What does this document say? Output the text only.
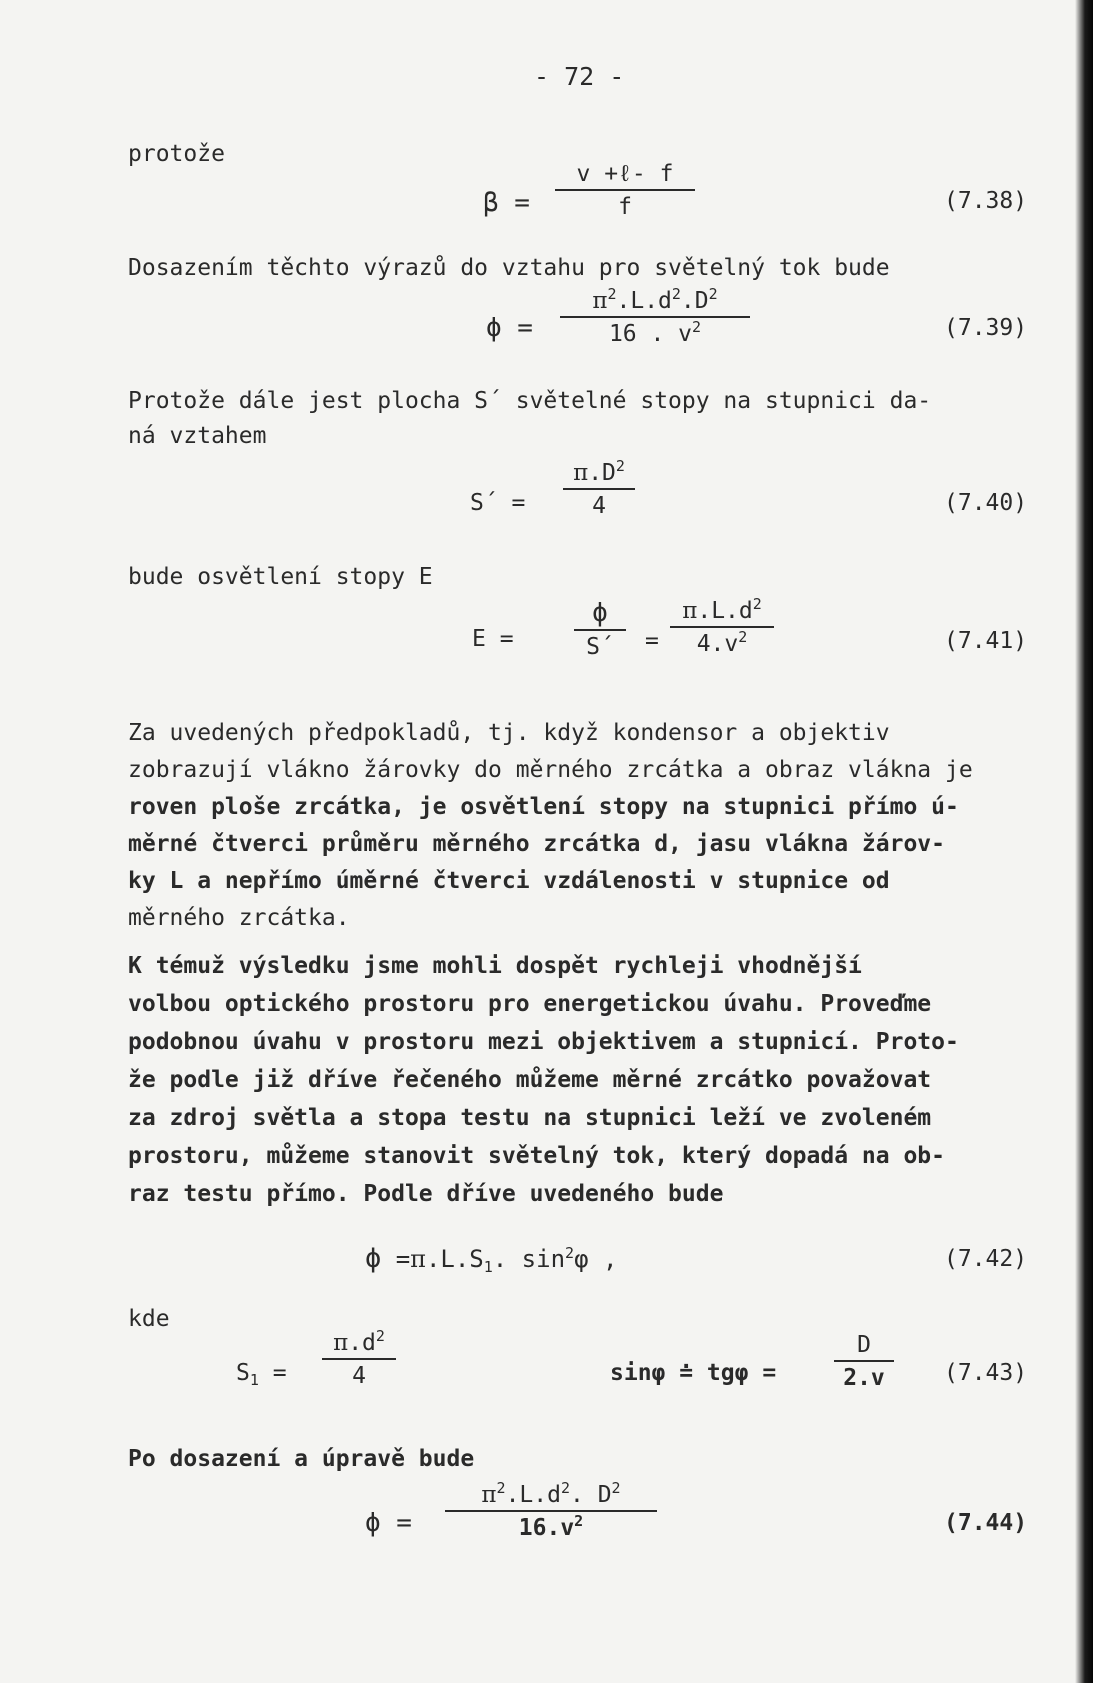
- 72 -
protože
β =
v +ℓ- f
f	(7.38)
Dosazením těchto výrazů do vztahu pro světelný tok bude
ϕ =
$\pi^2.L.d^2.D^2$
16 . $v^2$	(7.39)
Protože dále jest plocha S´ světelné stopy na stupnici da-
ná vztahem
S´ =
$\pi.D^2$
4	(7.40)
bude osvětlení stopy E
E =
ϕ
S´ =
$\pi.L.d^2$
$4.v^2$	(7.41)
Za uvedených předpokladů, tj. když kondensor a objektiv
zobrazují vlákno žárovky do měrného zrcátka a obraz vlákna je
roven ploše zrcátka, je osvětlení stopy na stupnici přímo ú-
měrné čtverci průměru měrného zrcátka d, jasu vlákna žárov-
ky L a nepřímo úměrné čtverci vzdálenosti v stupnice od
měrného zrcátka.
K témuž výsledku jsme mohli dospět rychleji vhodnější
volbou optického prostoru pro energetickou úvahu. Proveďme
podobnou úvahu v prostoru mezi objektivem a stupnicí. Proto-
že podle již dříve řečeného můžeme měrné zrcátko považovat
za zdroj světla a stopa testu na stupnici leží ve zvoleném
prostoru, můžeme stanovit světelný tok, který dopadá na ob-
raz testu přímo. Podle dříve uvedeného bude
$\phi =\pi.L.S_1$. $\sin^2\varphi$ ,	(7.42)
kde
$S_1$ =
$\pi.d^2$
4	sinφ ≐ tgφ =
D
2.v	(7.43)
Po dosazení a úpravě bude
ϕ =
$\pi^2.L.d^2$. $D^2$
$16.v^2$	(7.44)
